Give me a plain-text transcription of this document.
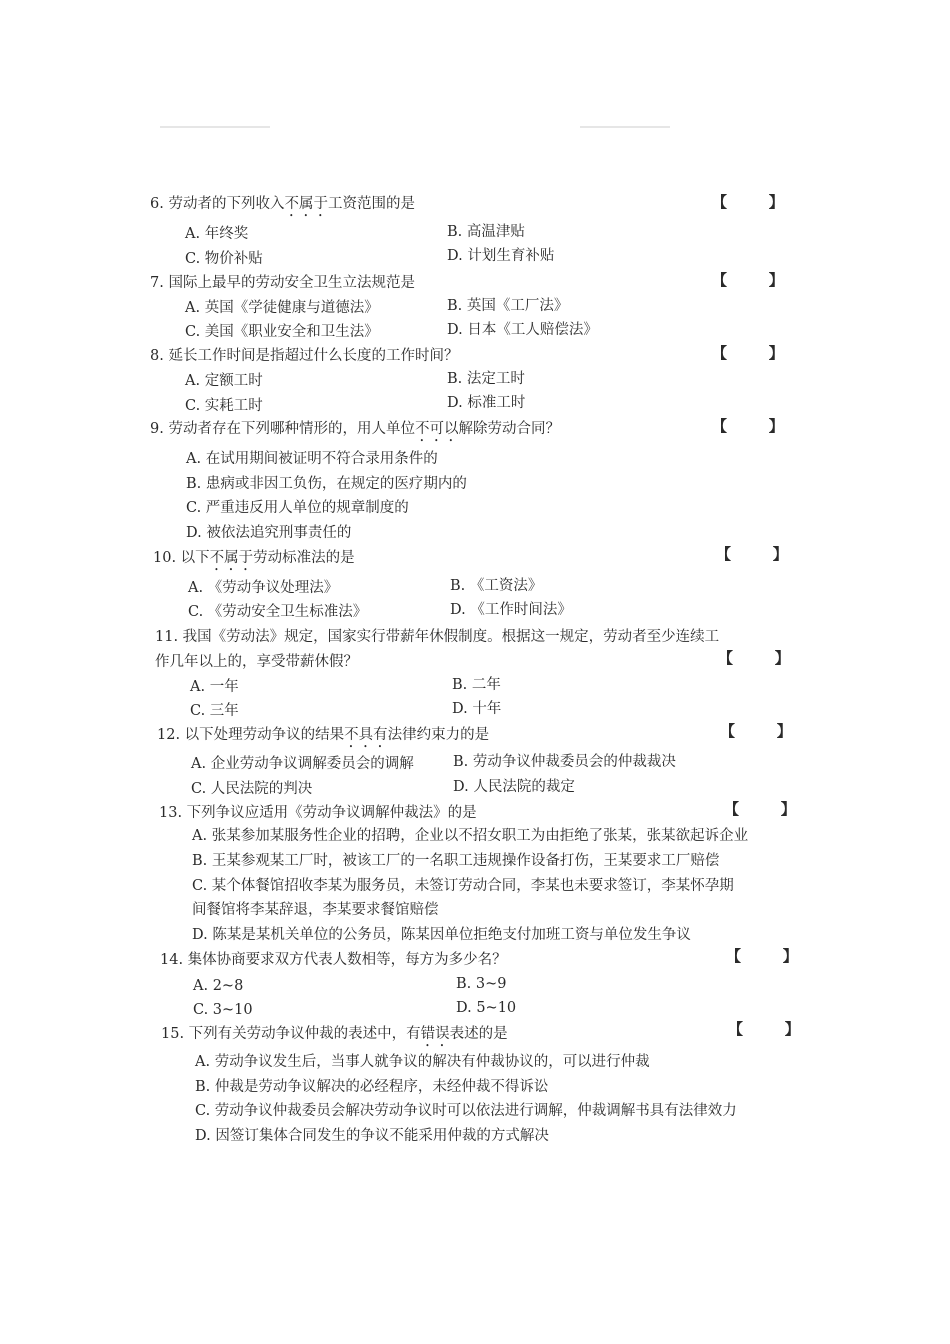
6. 劳动者的下列收入不属于工资范围的是	【        】
A. 年终奖	B. 高温津贴
C. 物价补贴	D. 计划生育补贴
7. 国际上最早的劳动安全卫生立法规范是	【        】
A. 英国《学徒健康与道德法》	B. 英国《工厂法》
C. 美国《职业安全和卫生法》	D. 日本《工人赔偿法》
8. 延长工作时间是指超过什么长度的工作时间？	【        】
A. 定额工时	B. 法定工时
C. 实耗工时	D. 标准工时
9. 劳动者存在下列哪种情形的，用人单位不可以解除劳动合同？	【        】
A. 在试用期间被证明不符合录用条件的
B. 患病或非因工负伤，在规定的医疗期内的
C. 严重违反用人单位的规章制度的
D. 被依法追究刑事责任的
10. 以下不属于劳动标准法的是	【        】
A. 《劳动争议处理法》	B. 《工资法》
C. 《劳动安全卫生标准法》	D. 《工作时间法》
11. 我国《劳动法》规定，国家实行带薪年休假制度。根据这一规定，劳动者至少连续工
作几年以上的，享受带薪休假？	【        】
A. 一年	B. 二年
C. 三年	D. 十年
12. 以下处理劳动争议的结果不具有法律约束力的是	【        】
A. 企业劳动争议调解委员会的调解	B. 劳动争议仲裁委员会的仲裁裁决
C. 人民法院的判决	D. 人民法院的裁定
13. 下列争议应适用《劳动争议调解仲裁法》的是	【        】
A. 张某参加某服务性企业的招聘，企业以不招女职工为由拒绝了张某，张某欲起诉企业
B. 王某参观某工厂时，被该工厂的一名职工违规操作设备打伤，王某要求工厂赔偿
C. 某个体餐馆招收李某为服务员，未签订劳动合同，李某也未要求签订，李某怀孕期
间餐馆将李某辞退，李某要求餐馆赔偿
D. 陈某是某机关单位的公务员，陈某因单位拒绝支付加班工资与单位发生争议
14. 集体协商要求双方代表人数相等，每方为多少名？	【        】
A. 2~8	B. 3~9
C. 3~10	D. 5~10
15. 下列有关劳动争议仲裁的表述中，有错误表述的是	【        】
A. 劳动争议发生后，当事人就争议的解决有仲裁协议的，可以进行仲裁
B. 仲裁是劳动争议解决的必经程序，未经仲裁不得诉讼
C. 劳动争议仲裁委员会解决劳动争议时可以依法进行调解，仲裁调解书具有法律效力
D. 因签订集体合同发生的争议不能采用仲裁的方式解决
